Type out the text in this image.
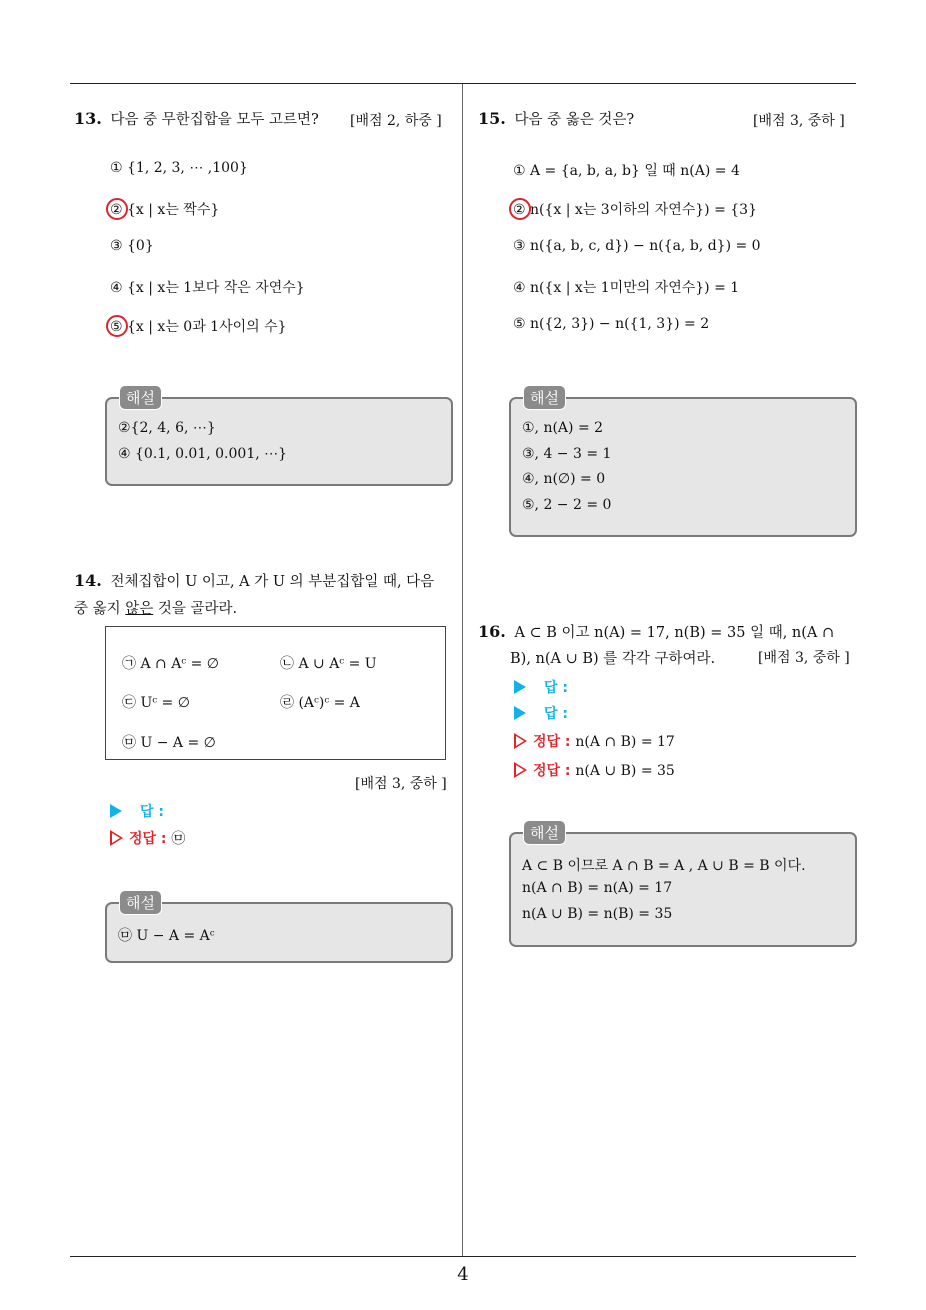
13. 다음 중 무한집합을 모두 고르면? [배점 2, 하중 ]
① {1, 2, 3, ⋯ ,100}
② {x | x는 짝수}
③ {0}
④ {x | x는 1보다 작은 자연수}
⑤ {x | x는 0과 1사이의 수}
해설
②{2, 4, 6, ⋯}
④ {0.1, 0.01, 0.001, ⋯}
14. 전체집합이 U 이고, A 가 U 의 부분집합일 때, 다음
중 옳지 않은 것을 골라라.
㉠ A ∩ Aᶜ = ∅	㉡ A ∪ Aᶜ = U
㉢ Uᶜ = ∅	㉣ (Aᶜ)ᶜ = A
㉤ U − A = ∅
[배점 3, 중하 ]
답 :
정답 : ㉤
해설
㉤ U − A = Aᶜ
15. 다음 중 옳은 것은?	[배점 3, 중하 ]
① A = {a, b, a, b} 일 때 n(A) = 4
② n({x | x는 3이하의 자연수}) = {3}
③ n({a, b, c, d}) − n({a, b, d}) = 0
④ n({x | x는 1미만의 자연수}) = 1
⑤ n({2, 3}) − n({1, 3}) = 2
해설
①, n(A) = 2
③, 4 − 3 = 1
④, n(∅) = 0
⑤, 2 − 2 = 0
16. A ⊂ B 이고 n(A) = 17, n(B) = 35 일 때, n(A ∩
B), n(A ∪ B) 를 각각 구하여라.	[배점 3, 중하 ]
답 :
답 :
정답 : n(A ∩ B) = 17
정답 : n(A ∪ B) = 35
해설
A ⊂ B 이므로 A ∩ B = A , A ∪ B = B 이다.
n(A ∩ B) = n(A) = 17
n(A ∪ B) = n(B) = 35
4
